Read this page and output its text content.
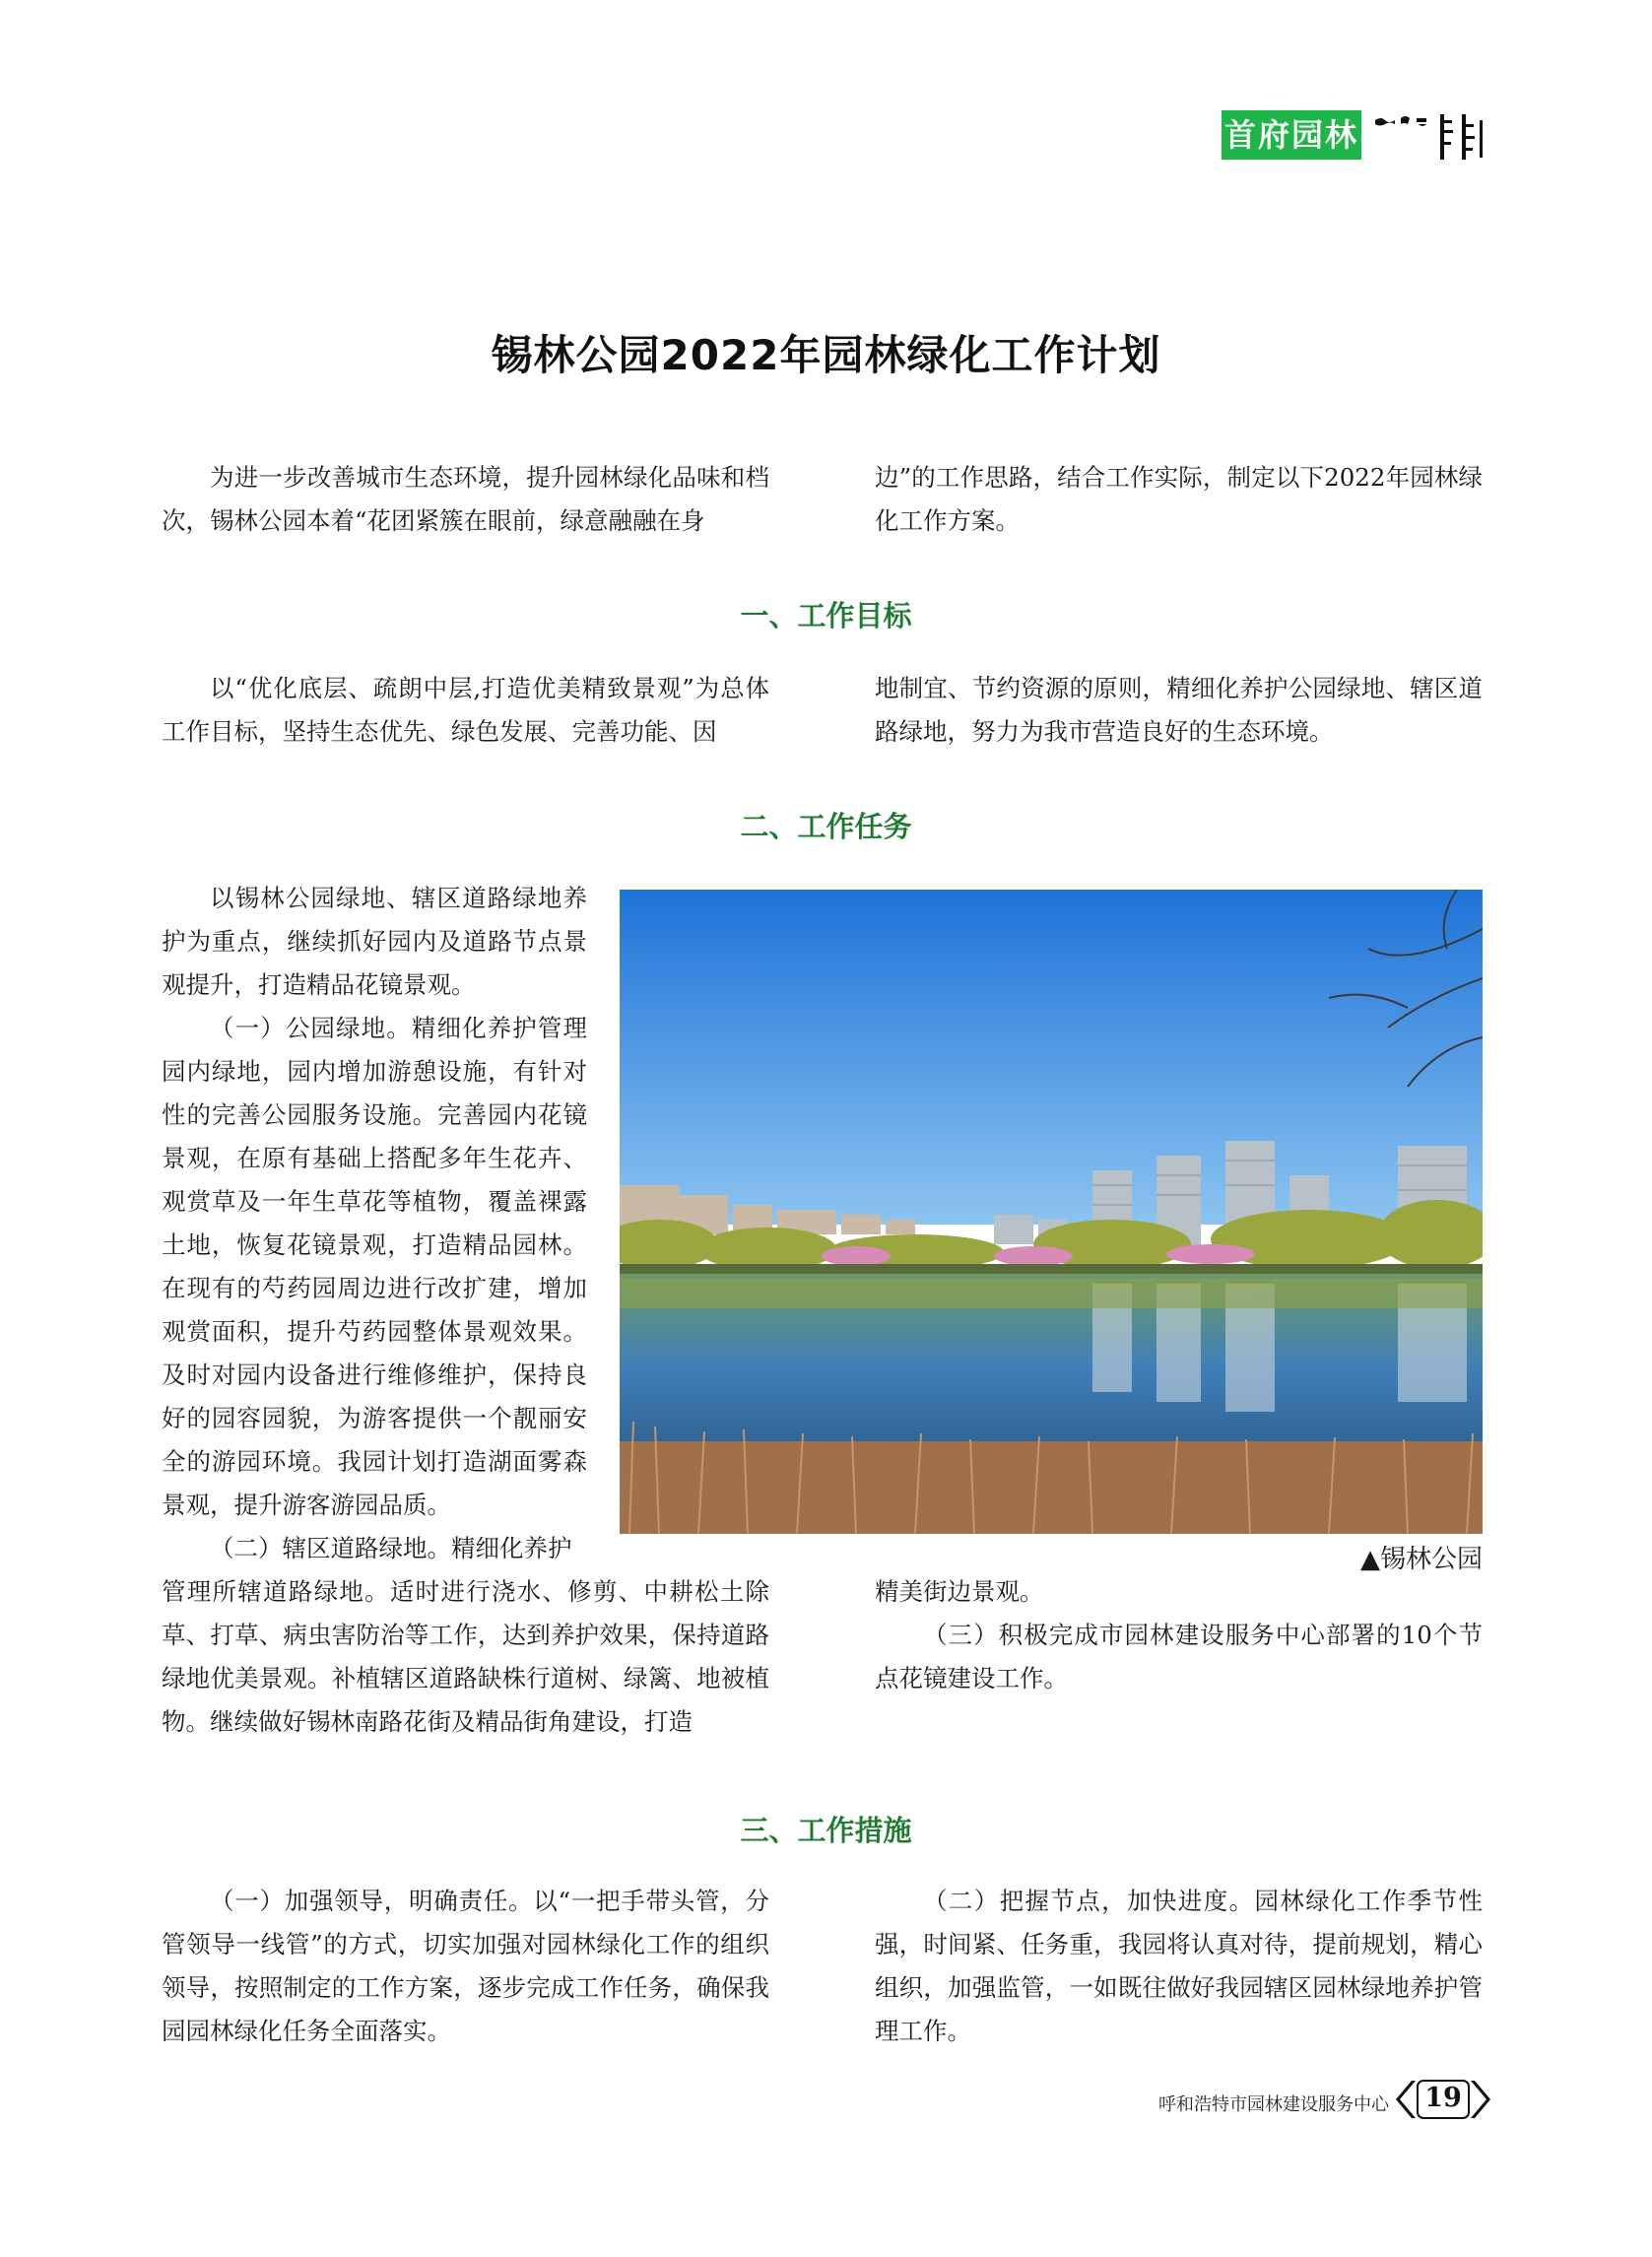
首府园林
锡林公园2022年园林绿化工作计划

为进一步改善城市生态环境，提升园林绿化品味和档次，锡林公园本着“花团紧簇在眼前，绿意融融在身

边”的工作思路，结合工作实际，制定以下2022年园林绿化工作方案。

一、工作目标

以“优化底层、疏朗中层,打造优美精致景观”为总体工作目标，坚持生态优先、绿色发展、完善功能、因

地制宜、节约资源的原则，精细化养护公园绿地、辖区道路绿地，努力为我市营造良好的生态环境。

二、工作任务

以锡林公园绿地、辖区道路绿地养护为重点，继续抓好园内及道路节点景观提升，打造精品花镜景观。

（一）公园绿地。精细化养护管理园内绿地，园内增加游憩设施，有针对性的完善公园服务设施。完善园内花镜景观，在原有基础上搭配多年生花卉、观赏草及一年生草花等植物，覆盖裸露土地，恢复花镜景观，打造精品园林。在现有的芍药园周边进行改扩建，增加观赏面积，提升芍药园整体景观效果。及时对园内设备进行维修维护，保持良好的园容园貌，为游客提供一个靓丽安全的游园环境。我园计划打造湖面雾森景观，提升游客游园品质。

（二）辖区道路绿地。精细化养护

管理所辖道路绿地。适时进行浇水、修剪、中耕松土除草、打草、病虫害防治等工作，达到养护效果，保持道路绿地优美景观。补植辖区道路缺株行道树、绿篱、地被植物。继续做好锡林南路花街及精品街角建设，打造

精美街边景观。

（三）积极完成市园林建设服务中心部署的10个节点花镜建设工作。

▲锡林公园
三、工作措施

（一）加强领导，明确责任。以“一把手带头管，分管领导一线管”的方式，切实加强对园林绿化工作的组织领导，按照制定的工作方案，逐步完成工作任务，确保我园园林绿化任务全面落实。

（二）把握节点，加快进度。园林绿化工作季节性强，时间紧、任务重，我园将认真对待，提前规划，精心组织，加强监管，一如既往做好我园辖区园林绿地养护管理工作。

呼和浩特市园林建设服务中心 19
